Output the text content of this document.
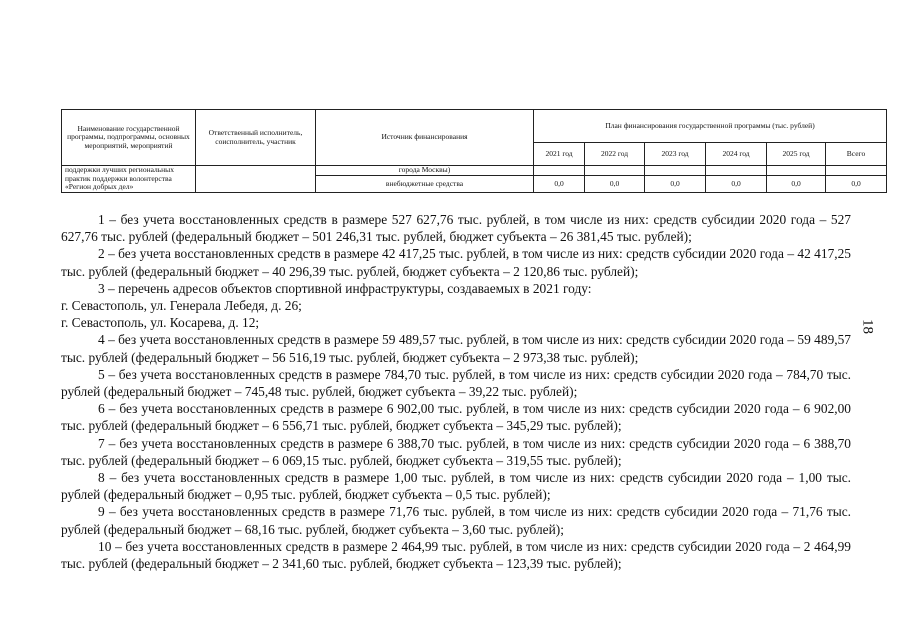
Наименование государственной программы, подпрограммы, основных мероприятий, мероприятий	Ответственный исполнитель, соисполнитель, участник	Источник финансирования	План финансирования государственной программы (тыс. рублей)					
			2021 год	2022 год	2023 год	2024 год	2025 год	Всего
поддержки лучших региональных практик поддержки волонтерства «Регион добрых дел»		города Москвы)						
		внебюджетные средства	0,0	0,0	0,0	0,0	0,0	0,0

1 – без учета восстановленных средств в размере 527 627,76 тыс. рублей, в том числе из них: средств субсидии 2020 года – 527 627,76 тыс. рублей (федеральный бюджет – 501 246,31 тыс. рублей, бюджет субъекта – 26 381,45 тыс. рублей);

2 – без учета восстановленных средств в размере 42 417,25 тыс. рублей, в том числе из них: средств субсидии 2020 года – 42 417,25 тыс. рублей (федеральный бюджет – 40 296,39 тыс. рублей, бюджет субъекта – 2 120,86 тыс. рублей);

3 – перечень адресов объектов спортивной инфраструктуры, создаваемых в 2021 году:

г. Севастополь, ул. Генерала Лебедя, д. 26;

г. Севастополь, ул. Косарева, д. 12;

4 – без учета восстановленных средств в размере 59 489,57 тыс. рублей, в том числе из них: средств субсидии 2020 года – 59 489,57 тыс. рублей (федеральный бюджет – 56 516,19 тыс. рублей, бюджет субъекта – 2 973,38 тыс. рублей);

5 – без учета восстановленных средств в размере 784,70 тыс. рублей, в том числе из них: средств субсидии 2020 года – 784,70 тыс. рублей (федеральный бюджет – 745,48 тыс. рублей, бюджет субъекта – 39,22 тыс. рублей);

6 – без учета восстановленных средств в размере 6 902,00 тыс. рублей, в том числе из них: средств субсидии 2020 года – 6 902,00 тыс. рублей (федеральный бюджет – 6 556,71 тыс. рублей, бюджет субъекта – 345,29 тыс. рублей);

7 – без учета восстановленных средств в размере 6 388,70 тыс. рублей, в том числе из них: средств субсидии 2020 года – 6 388,70 тыс. рублей (федеральный бюджет – 6 069,15 тыс. рублей, бюджет субъекта – 319,55 тыс. рублей);

8 – без учета восстановленных средств в размере 1,00 тыс. рублей, в том числе из них: средств субсидии 2020 года – 1,00 тыс. рублей (федеральный бюджет – 0,95 тыс. рублей, бюджет субъекта – 0,5 тыс. рублей);

9 – без учета восстановленных средств в размере 71,76 тыс. рублей, в том числе из них: средств субсидии 2020 года – 71,76 тыс. рублей (федеральный бюджет – 68,16 тыс. рублей, бюджет субъекта – 3,60 тыс. рублей);

10 – без учета восстановленных средств в размере 2 464,99 тыс. рублей, в том числе из них: средств субсидии 2020 года – 2 464,99 тыс. рублей (федеральный бюджет – 2 341,60 тыс. рублей, бюджет субъекта – 123,39 тыс. рублей);

18
